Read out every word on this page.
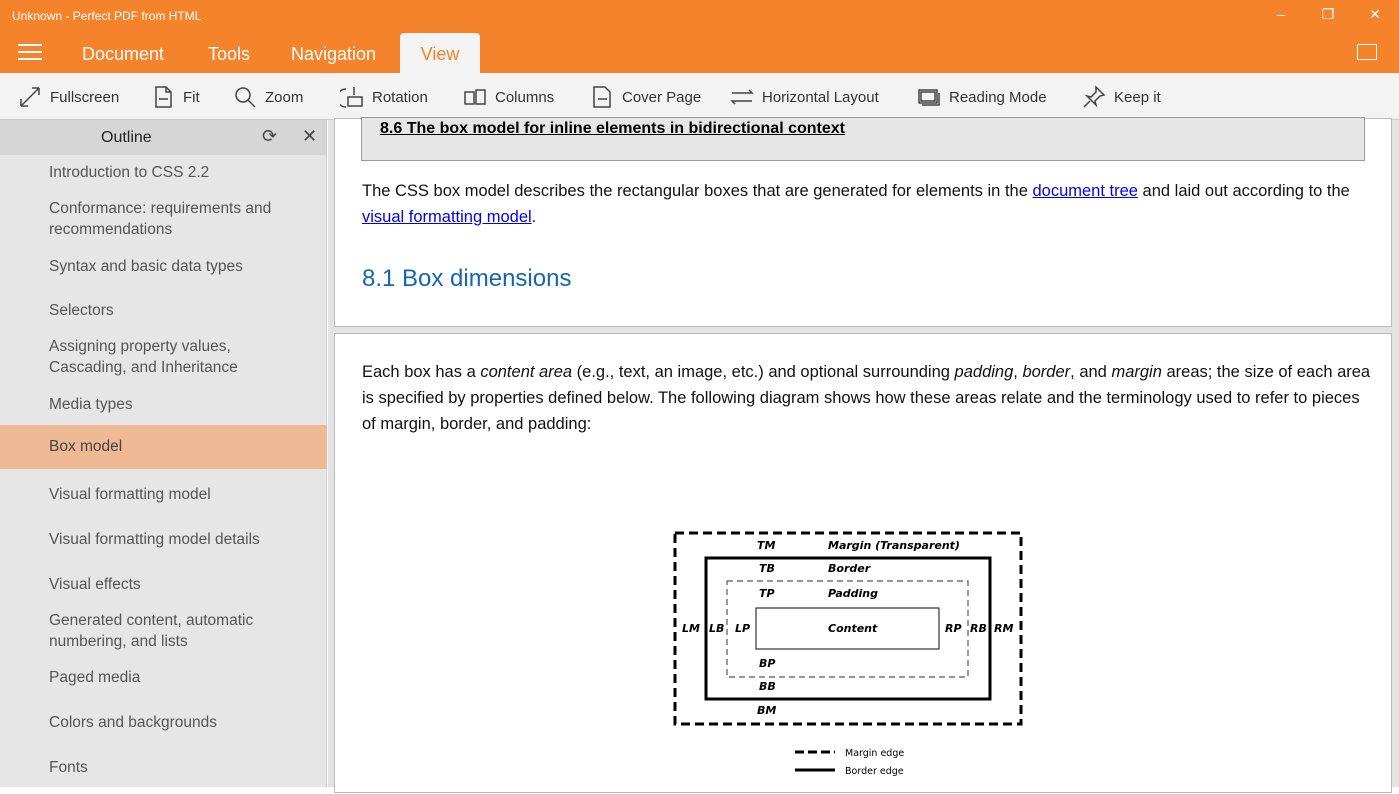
Unknown - Perfect PDF from HTML	–	❐	✕
Document	Tools	Navigation	View
Fullscreen	Fit	Zoom	Rotation	Columns	Cover Page	Horizontal Layout	Reading Mode	Keep it
Outline	⟳ ✕
Introduction to CSS 2.2
Conformance: requirements and recommendations
Syntax and basic data types
Selectors
Assigning property values, Cascading, and Inheritance
Media types
Box model
Visual formatting model
Visual formatting model details
Visual effects
Generated content, automatic numbering, and lists
Paged media
Colors and backgrounds
Fonts
8.6 The box model for inline elements in bidirectional context

The CSS box model describes the rectangular boxes that are generated for elements in the document tree and laid out according to the visual formatting model.

8.1 Box dimensions

Each box has a content area (e.g., text, an image, etc.) and optional surrounding padding, border, and margin areas; the size of each area is specified by properties defined below. The following diagram shows how these areas relate and the terminology used to refer to pieces of margin, border, and padding:

TM	Margin (Transparent)
TB	Border
TP	Padding
LM LB LP	Content	RP RB RM
BP
BB
BM
Margin edge
Border edge
